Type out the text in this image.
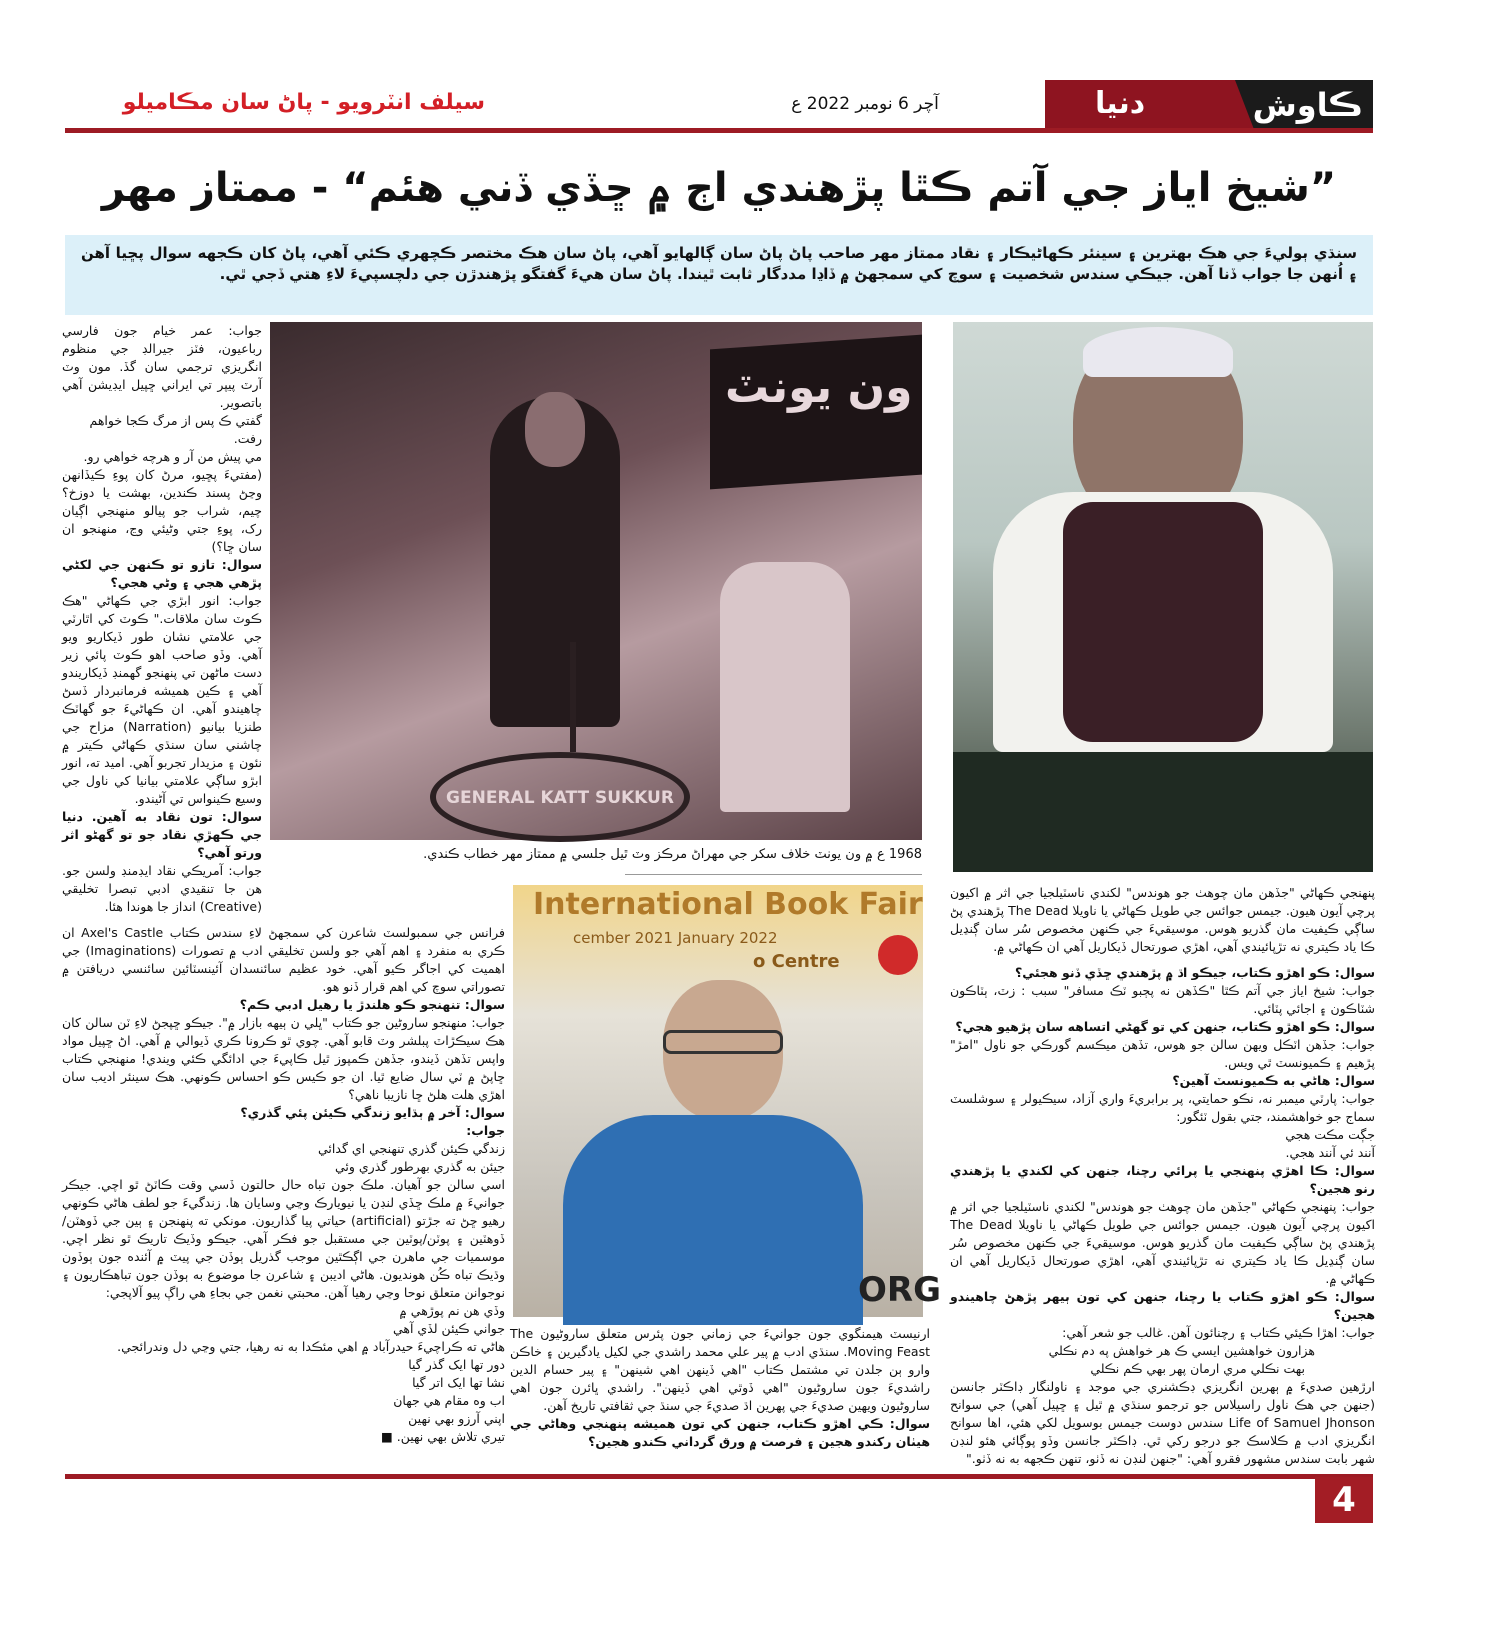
دنيا	ڪاوش
آچر 6 نومبر 2022 ع
سيلف انٽرويو - پاڻ سان مڪاميلو
”شيخ اياز جي آتم ڪٿا پڙهندي اڄ ۾ ڇڏي ڏني هئم“ - ممتاز مهر
سنڌي ٻوليءَ جي هڪ بهترين ۽ سينئر ڪهاڻيڪار ۽ نقاد ممتاز مهر صاحب پاڻ پاڻ سان ڳالهايو آهي، پاڻ سان هڪ مختصر ڪچهري ڪئي آهي، پاڻ کان ڪجهه سوال پڇيا آهن ۽ اُنهن جا جواب ڏنا آهن. جيڪي سندس شخصيت ۽ سوچ کي سمجهڻ ۾ ڏاڍا مددگار ثابت ٿيندا. پاڻ سان هيءَ گفتگو پڙهندڙن جي دلچسپيءَ لاءِ هتي ڏجي ٿي.
ون يونٽ
GENERAL KATT SUKKUR
1968 ع ۾ ون يونٽ خلاف سکر جي مهراڻ مرڪز وٽ ٿيل جلسي ۾ ممتاز مهر خطاب ڪندي.
International Book Fair
cember 2021 January 2022
o Centre
ORG

جواب: عمر خيام جون فارسي رباعيون، فٽز جيرالڊ جي منظوم انگريزي ترجمي سان گڏ. مون وٽ آرٽ پيپر تي ايراني ڇپيل ايڊيشن آهي باتصوير.

گفتي ڪ پس از مرگ ڪجا خواهم رفت.

مي پيش من آر و هرچه خواهي رو.

(مفتيءَ پڇيو، مرڻ کان پوءِ ڪيڏانهن وڃڻ پسند ڪندين، بهشت يا دوزخ؟ چيم، شراب جو پيالو منهنجي اڳيان رک، پوءِ جتي وڻيئي وڃ، منهنجو ان سان ڇا؟)

سوال: تازو تو ڪنهن جي لکڻي پڙهي هجي ۽ وڻي هجي؟

جواب: انور ابڙي جي ڪهاڻي "هڪ ڪوٽ سان ملاقات." ڪوٽ کي اٿارٽي جي علامتي نشان طور ڏيکاريو ويو آهي. وڏو صاحب اهو ڪوٽ پائي زير دست ماڻهن تي پنهنجو گهمنڊ ڏيکاريندو آهي ۽ ڪين هميشه فرمانبردار ڏسڻ چاهيندو آهي. ان ڪهاڻيءَ جو گهاٽڪ طنزيا بيانيو (Narration) مزاح جي چاشني سان سنڌي ڪهاڻي ڪيتر ۾ نئون ۽ مزيدار تجربو آهي. اميد ته، انور ابڙو ساڳي علامتي بيانيا کي ناول جي وسيع ڪينواس تي آڻيندو.

سوال: تون نقاد به آهين. دنيا جي ڪهڙي نقاد جو تو گهڻو اثر ورتو آهي؟

جواب: آمريڪي نقاد ايڊمنڊ ولسن جو. هن جا تنقيدي ادبي تبصرا تخليقي (Creative) انداز جا هوندا هئا.

فرانس جي سمبولسٽ شاعرن کي سمجهڻ لاءِ سندس ڪتاب Axel's Castle ان ڪري به منفرد ۽ اهم آهي جو ولسن تخليقي ادب ۾ تصورات (Imaginations) جي اهميت کي اجاگر ڪيو آهي. خود عظيم سائنسدان آئينسٽائين سائنسي دريافتن ۾ تصوراتي سوچ کي اهم قرار ڏنو هو.

سوال: تنهنجو ڪو هلندڙ يا رهيل ادبي ڪم؟

جواب: منهنجو ساروڻين جو ڪتاب "ڀلي ن ٻيهه بازار ۾". جيڪو ڇپجڻ لاءِ ٽن سالن کان هڪ سيڪڙاٽ پبلشر وٽ قابو آهي. چوي ٿو ڪرونا ڪري ڏيوالي ۾ آهي. اڻ ڇپيل مواد واپس تڏهن ڏيندو، جڏهن ڪمپوز ٿيل ڪاپيءَ جي ادائگي ڪئي ويندي! منهنجي ڪتاب ڇاپڻ ۾ ٽي سال ضايع ٿيا. ان جو ڪيس ڪو احساس ڪونهي. هڪ سينئر اديب سان اهڙي هلت هلڻ ڇا نازيبا ناهي؟

سوال: آخر ۾ ٻڌايو زندگي ڪيئن پئي گذري؟

جواب:

زندگي ڪيئن گذري تنهنجي اي گدائي

جيئن به گذري بهرطور گذري وئي

اسي سالن جو آهيان. ملڪ جون تباه حال حالتون ڏسي وقت ڪاٽڻ ٿو اچي. جيڪر جوانيءَ ۾ ملڪ ڇڏي لنڊن يا نيويارڪ وڃي وسايان ها. زندگيءَ جو لطف هاڻي ڪونهي رهيو ڇڻ ته جڙتو (artificial) حياتي پيا گذاريون. مونکي ته پنهنجن ۽ ٻين جي ڏوهٽن/ڏوهٽين ۽ پوٽن/پوٽين جي مستقبل جو فڪر آهي. جيڪو وڏيڪ تاريڪ ٿو نظر اچي. موسميات جي ماهرن جي اڳڪٿين موجب گذريل ٻوڏن جي پيٽ ۾ آئنده جون ٻوڏون وڌيڪ تباه ڪُن هونديون. هاڻي اديبن ۽ شاعرن جا موضوع به ٻوڏن جون تباهڪاريون ۽ نوجوانن متعلق نوحا وڃي رهيا آهن. محبتي نغمن جي بجاءِ هي راڳ پيو آلاپجي:

وڏي هن نم پوڙهي ۾

جواني ڪيئن لڏي آهي

هاڻي ته ڪراچيءَ حيدرآباد ۾ اهي مئڪدا به نه رهيا، جتي وڃي دل وندرائجي.

دور تها ايک گذر گيا

نشا تها ايک اتر گيا

اب وه مقام هي جهان

اپني آرزو بهي نهين

تيري تلاش بهي نهين. ■

ارنيسٽ هيمنگوي جون جوانيءَ جي زماني جون پئرس متعلق ساروڻيون The Moving Feast. سنڌي ادب ۾ پير علي محمد راشدي جي لکيل يادگيرين ۽ خاڪن وارو ٻن جلدن تي مشتمل ڪتاب "اهي ڏينهن اهي شينهن" ۽ پير حسام الدين راشديءَ جون ساروڻيون "اهي ڏوٿي اهي ڏينهن". راشدي ڀائرن جون اهي ساروڻيون ويهين صديءَ جي پهرين اڌ صديءَ جي سنڌ جي ثقافتي تاريخ آهن.

سوال: ڪي اهڙو ڪتاب، جنهن کي تون هميشه پنهنجي وهاڻي جي هيٺان رکندو هجين ۽ فرصت ۾ ورق گرداني ڪندو هجين؟

پنهنجي ڪهاڻي "جڏهن مان چوهٺ جو هوندس" لکندي ناسٽيلجيا جي اثر ۾ اکيون پرچي آيون هيون. جيمس جوائس جي طويل ڪهاڻي يا ناويلا The Dead پڙهندي پڻ ساڳي ڪيفيت مان گذريو هوس. موسيقيءَ جي ڪنهن مخصوص سُر سان ڳنڍيل ڪا ياد ڪيتري نه تڙپائيندي آهي، اهڙي صورتحال ڏيکاريل آهي ان ڪهاڻي ۾.

سوال: ڪو اهڙو ڪتاب، جيڪو اڌ ۾ پڙهندي ڇڏي ڏنو هجئي؟

جواب: شيخ اياز جي آتم ڪٿا "ڪڏهن نه پڄبو ٽڪ مسافر" سبب : زٽ، ٻٽاڪون شٽاڪون ۽ اجائي پٽائي.

سوال: ڪو اهڙو ڪتاب، جنهن کي تو گهڻي اتساهه سان پڙهيو هجي؟

جواب: جڏهن اٽڪل ويهن سالن جو هوس، تڏهن ميڪسم گورڪي جو ناول "امڙ" پڙهيم ۽ ڪميونسٽ ٿي ويس.

سوال: هاڻي به ڪميونسٽ آهين؟

جواب: پارٽي ميمبر نه، نڪو حمايتي، پر برابريءَ واري آزاد، سيڪيولر ۽ سوشلسٽ سماج جو خواهشمند، جتي بقول ٽئگور:

جڳت مڪت هجي

آنند ئي آنند هجي.

سوال: ڪا اهڙي پنهنجي يا پرائي رچنا، جنهن کي لکندي يا پڙهندي رنو هجين؟

جواب: پنهنجي ڪهاڻي "جڏهن مان چوهٺ جو هوندس" لکندي ناسٽيلجيا جي اثر ۾ اکيون پرچي آيون هيون. جيمس جوائس جي طويل ڪهاڻي يا ناويلا The Dead پڙهندي پڻ ساڳي ڪيفيت مان گذريو هوس. موسيقيءَ جي ڪنهن مخصوص سُر سان ڳنڍيل ڪا ياد ڪيتري نه تڙپائيندي آهي، اهڙي صورتحال ڏيکاريل آهي ان ڪهاڻي ۾.

سوال: ڪو اهڙو ڪتاب يا رچنا، جنهن کي تون ٻيهر پڙهڻ چاهيندو هجين؟

جواب: اهڙا ڪيئي ڪتاب ۽ رچنائون آهن. غالب جو شعر آهي:

هزارون خواهشين ايسي ڪ هر خواهش په دم نڪلي

بهت نڪلي مري ارمان پهر بهي ڪم نڪلي

ارڙهين صديءَ ۾ ٻهرين انگريزي ڊڪشنري جي موجد ۽ ناولنگار ڊاڪٽر جانسن (جنهن جي هڪ ناول راسيلاس جو ترجمو سنڌي ۾ ٿيل ۽ ڇپيل آهي) جي سوانح Life of Samuel Jhonson سندس دوست جيمس بوسويل لکي هئي، اها سوانح انگريزي ادب ۾ ڪلاسڪ جو درجو رکي ٿي. ڊاڪٽر جانسن وڏو پوڳائي هئو لنڊن شهر بابت سندس مشهور فقرو آهي: "جنهن لنڊن نه ڏٺو، تنهن ڪجهه به نه ڏٺو."

4
